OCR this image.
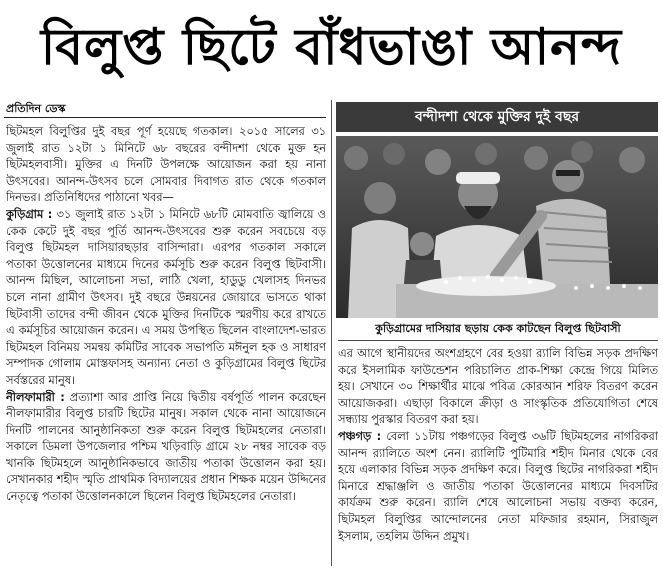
বিলুপ্ত ছিটে বাঁধভাঙা আনন্দ
প্রতিদিন ডেস্ক

ছিটমহল বিলুপ্তির দুই বছর পূর্ণ হয়েছে গতকাল। ২০১৫ সালের ৩১ জুলাই রাত ১২টা ১ মিনিটে ৬৮ বছরের বন্দীদশা থেকে মুক্ত হন ছিটমহলবাসী। মুক্তির এ দিনটি উপলক্ষে আয়োজন করা হয় নানা উৎসবের। আনন্দ-উৎসব চলে সোমবার দিবাগত রাত থেকে গতকাল দিনভর। প্রতিনিধিদের পাঠানো খবর—

কুড়িগ্রাম : ৩১ জুলাই রাত ১২টা ১ মিনিটে ৬৮টি মোমবাতি জ্বালিয়ে ও কেক কেটে দুই বছর পূর্তি আনন্দ-উৎসবের শুরু করেন সবচেয়ে বড় বিলুপ্ত ছিটমহল দাসিয়ারছড়ার বাসিন্দারা। এরপর গতকাল সকালে পতাকা উত্তোলনের মাধ্যমে দিনের কর্মসূচি শুরু করেন বিলুপ্ত ছিটবাসী। আনন্দ মিছিল, আলোচনা সভা, লাঠি খেলা, হাডুডু খেলাসহ দিনভর চলে নানা গ্রামীণ উৎসব। দুই বছরে উন্নয়নের জোয়ারে ভাসতে থাকা ছিটবাসী তাদের বন্দী জীবন থেকে মুক্তির দিনটিকে স্মরণীয় করে রাখতে এ কর্মসূচির আয়োজন করেন। এ সময় উপস্থিত ছিলেন বাংলাদেশ-ভারত ছিটমহল বিনিময় সমন্বয় কমিটির সাবেক সভাপতি মঈনুল হক ও সাধারণ সম্পাদক গোলাম মোস্তফাসহ অন্যান্য নেতা ও কুড়িগ্রামের বিলুপ্ত ছিটের সর্বস্তরের মানুষ।

নীলফামারী : প্রত্যাশা আর প্রাপ্তি নিয়ে দ্বিতীয় বর্ষপূর্তি পালন করেছেন নীলফামারীর বিলুপ্ত চারটি ছিটের মানুষ। সকাল থেকে নানা আয়োজনে দিনটি পালনের আনুষ্ঠানিকতা শুরু করেন বিলুপ্ত ছিটমহলের নেতারা। সকালে ডিমলা উপজেলার পশ্চিম খড়িবাড়ি গ্রামে ২৮ নম্বর সাবেক বড় খানকি ছিটমহলে আনুষ্ঠানিকভাবে জাতীয় পতাকা উত্তোলন করা হয়। সেখানকার শহীদ স্মৃতি প্রাথমিক বিদ্যালয়ের প্রধান শিক্ষক ময়েন উদ্দিনের নেতৃত্বে পতাকা উত্তোলনকালে ছিলেন বিলুপ্ত ছিটমহলের নেতারা।

বন্দীদশা থেকে মুক্তির দুই বছর
কুড়িগ্রামের দাসিয়ার ছড়ায় কেক কাটছেন বিলুপ্ত ছিটবাসী

এর আগে স্থানীয়দের অংশগ্রহণে বের হওয়া র‌্যালি বিভিন্ন সড়ক প্রদক্ষিণ করে ইসলামিক ফাউন্ডেশন পরিচালিত প্রাক-শিক্ষা কেন্দ্রে গিয়ে মিলিত হয়। সেখানে ৩০ শিক্ষার্থীর মাঝে পবিত্র কোরআন শরিফ বিতরণ করেন আয়োজকরা। এছাড়া বিকালে ক্রীড়া ও সাংস্কৃতিক প্রতিযোগিতা শেষে সন্ধ্যায় পুরস্কার বিতরণ করা হয়।

পঞ্চগড় : বেলা ১১টায় পঞ্চগড়ের বিলুপ্ত ৩৬টি ছিটমহলের নাগরিকরা আনন্দ র‌্যালিতে অংশ নেন। র‌্যালিটি পুটিমারি শহীদ মিনার থেকে বের হয়ে এলাকার বিভিন্ন সড়ক প্রদক্ষিণ করে। বিলুপ্ত ছিটের নাগরিকরা শহীদ মিনারে শ্রদ্ধাঞ্জলি ও জাতীয় পতাকা উত্তোলনের মাধ্যমে দিবসটির কার্যক্রম শুরু করেন। র‌্যালি শেষে আলোচনা সভায় বক্তব্য করেন, ছিটমহল বিলুপ্তির আন্দোলনের নেতা মফিজার রহমান, সিরাজুল ইসলাম, তহলিম উদ্দিন প্রমুখ।
